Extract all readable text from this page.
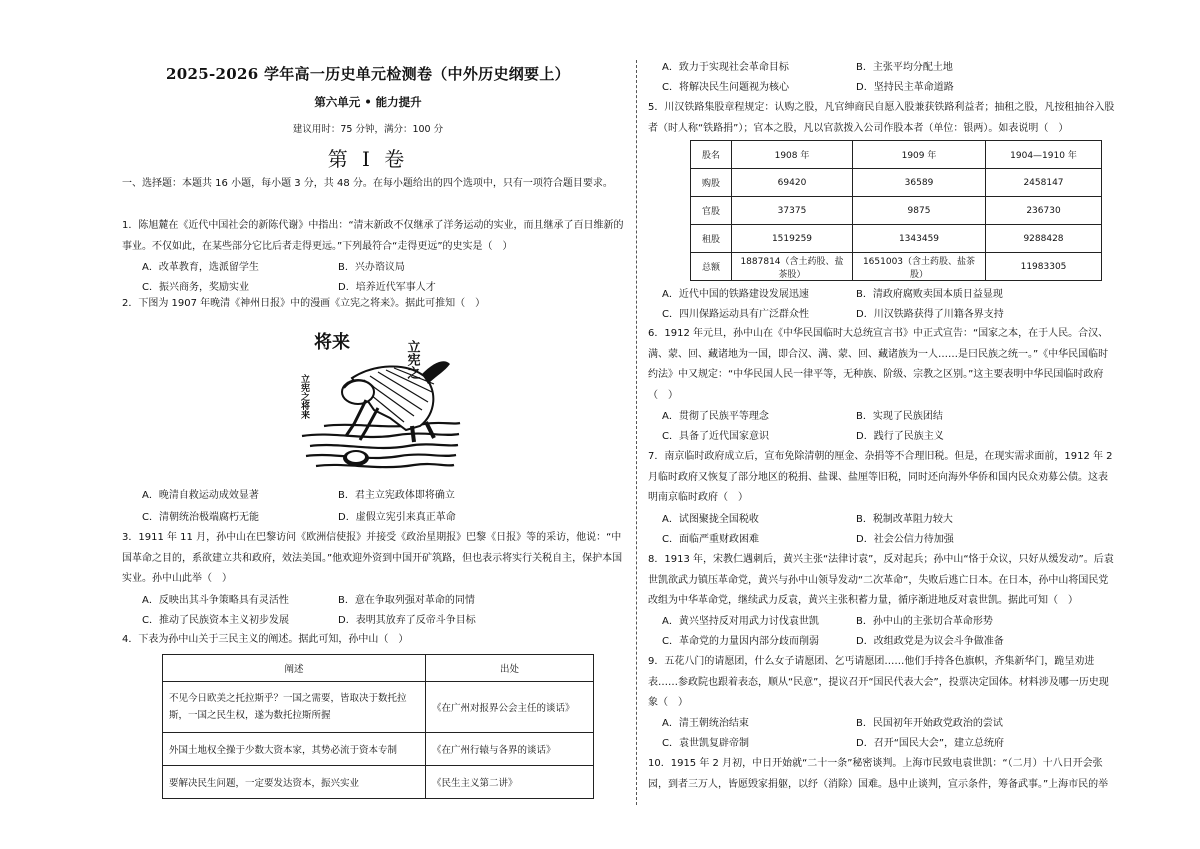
2025-2026 学年高一历史单元检测卷（中外历史纲要上）
第六单元 • 能力提升
建议用时：75 分钟，满分：100 分
第 I 卷
一、选择题：本题共 16 小题，每小题 3 分，共 48 分。在每小题给出的四个选项中，只有一项符合题目要求。
1．陈旭麓在《近代中国社会的新陈代谢》中指出：“清末新政不仅继承了洋务运动的实业，而且继承了百日维新的事业。不仅如此，在某些部分它比后者走得更远。”下列最符合“走得更远”的史实是（　）
A．改革教育，选派留学生	B．兴办谘议局
C．振兴商务，奖励实业	D．培养近代军事人才
2．下图为 1907 年晚清《神州日报》中的漫画《立宪之将来》。据此可推知（　）
将来	立宪之
立宪之将来
A．晚清自救运动成效显著	B．君主立宪政体即将确立
C．清朝统治极端腐朽无能	D．虚假立宪引来真正革命
3．1911 年 11 月，孙中山在巴黎访问《欧洲信使报》并接受《政治星期报》巴黎《日报》等的采访，他说：“中国革命之目的，系欲建立共和政府，效法美国。”他欢迎外资到中国开矿筑路，但也表示将实行关税自主，保护本国实业。孙中山此举（　）
A．反映出其斗争策略具有灵活性	B．意在争取列强对革命的同情
C．推动了民族资本主义初步发展	D．表明其放弃了反帝斗争目标
4．下表为孙中山关于三民主义的阐述。据此可知，孙中山（　）
阐述	出处
不见今日欧美之托拉斯乎？一国之需要，皆取决于数托拉斯，一国之民生权，遂为数托拉斯所握	《在广州对报界公会主任的谈话》
外国土地权全操于少数大资本家，其势必流于资本专制	《在广州行辕与各界的谈话》
要解决民生问题，一定要发达资本，振兴实业	《民生主义第二讲》
A．致力于实现社会革命目标	B．主张平均分配土地
C．将解决民生问题视为核心	D．坚持民主革命道路
5．川汉铁路集股章程规定：认购之股，凡官绅商民自愿入股兼获铁路利益者；抽租之股，凡按租抽谷入股者（时人称“铁路捐”）；官本之股，凡以官款拨入公司作股本者（单位：银两）。如表说明（　）
股名	1908 年	1909 年	1904—1910 年
购股	69420	36589	2458147
官股	37375	9875	236730
租股	1519259	1343459	9288428
总额	1887814（含土药股、盐茶股）	1651003（含土药股、盐茶股）	11983305
A．近代中国的铁路建设发展迅速	B．清政府腐败卖国本质日益显现
C．四川保路运动具有广泛群众性	D．川汉铁路获得了川籍各界支持
6．1912 年元旦，孙中山在《中华民国临时大总统宣言书》中正式宣告：“国家之本，在于人民。合汉、满、蒙、回、藏诸地为一国，即合汉、满、蒙、回、藏诸族为一人……是曰民族之统一。”《中华民国临时约法》中又规定：“中华民国人民一律平等，无种族、阶级、宗教之区别。”这主要表明中华民国临时政府（　）
A．贯彻了民族平等理念	B．实现了民族团结
C．具备了近代国家意识	D．践行了民族主义
7．南京临时政府成立后，宣布免除清朝的厘金、杂捐等不合理旧税。但是，在现实需求面前，1912 年 2 月临时政府又恢复了部分地区的税捐、盐课、盐厘等旧税，同时还向海外华侨和国内民众劝募公债。这表明南京临时政府（　）
A．试图聚拢全国税收	B．税制改革阻力较大
C．面临严重财政困难	D．社会公信力待加强
8．1913 年，宋教仁遇刺后，黄兴主张“法律讨袁”，反对起兵；孙中山“恪于众议，只好从缓发动”。后袁世凯欲武力镇压革命党，黄兴与孙中山领导发动“二次革命”，失败后逃亡日本。在日本，孙中山将国民党改组为中华革命党，继续武力反袁，黄兴主张积蓄力量，循序渐进地反对袁世凯。据此可知（　）
A．黄兴坚持反对用武力讨伐袁世凯	B．孙中山的主张切合革命形势
C．革命党的力量因内部分歧而削弱	D．改组政党是为议会斗争做准备
9．五花八门的请愿团，什么女子请愿团、乞丐请愿团……他们手持各色旗帜，齐集新华门，跪呈劝进表……参政院也跟着表态，顺从“民意”，提议召开“国民代表大会”，投票决定国体。材料涉及哪一历史现象（　）
A．清王朝统治结束	B．民国初年开始政党政治的尝试
C．袁世凯复辟帝制	D．召开“国民大会”，建立总统府
10．1915 年 2 月初，中日开始就“二十一条”秘密谈判。上海市民致电袁世凯：“（二月）十八日开会张园，到者三万人，皆愿毁家捐躯，以纾（消除）国难。恳中止谈判，宣示条件，筹备武事。”上海市民的举
